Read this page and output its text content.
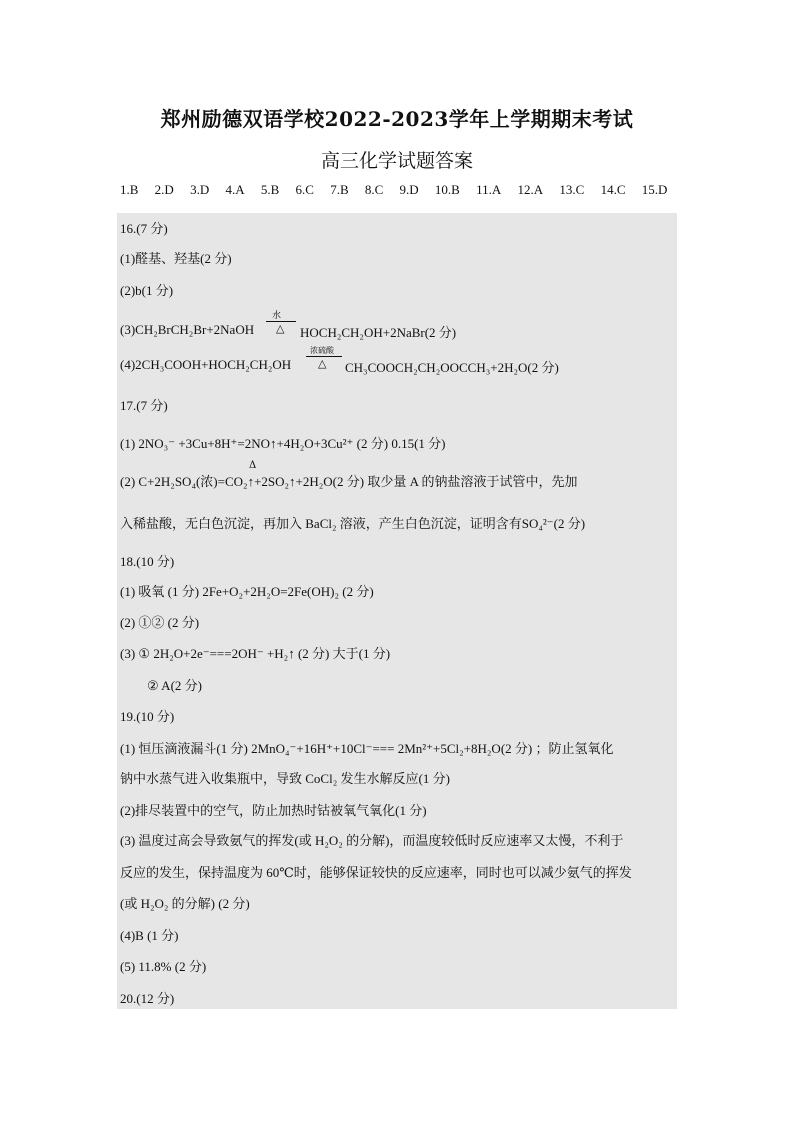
郑州励德双语学校2022-2023学年上学期期末考试
高三化学试题答案
1.B 2.D 3.D 4.A 5.B 6.C 7.B 8.C 9.D 10.B 11.A 12.A 13.C 14.C 15.D
16.(7 分)
(1)醛基、羟基(2 分)
(2)b(1 分)
(3)CH₂BrCH₂Br+2NaOH
水
△ HOCH₂CH₂OH+2NaBr(2 分)
(4)2CH₃COOH+HOCH₂CH₂OH
浓硫酸
△ CH₃COOCH₂CH₂OOCCH₃+2H₂O(2 分)
17.(7 分)
(1) 2NO₃⁻ +3Cu+8H⁺=2NO↑+4H₂O+3Cu²⁺ (2 分) 0.15(1 分)
Δ
(2) C+2H₂SO₄(浓)=CO₂↑+2SO₂↑+2H₂O(2 分) 取少量 A 的钠盐溶液于试管中，先加
入稀盐酸，无白色沉淀，再加入 BaCl₂ 溶液，产生白色沉淀，证明含有SO₄²⁻(2 分)
18.(10 分)
(1) 吸氧 (1 分) 2Fe+O₂+2H₂O=2Fe(OH)₂ (2 分)
(2) ①② (2 分)
(3) ① 2H₂O+2e⁻===2OH⁻ +H₂↑ (2 分) 大于(1 分)
② A(2 分)
19.(10 分)
(1) 恒压滴液漏斗(1 分) 2MnO₄⁻+16H⁺+10Cl⁻=== 2Mn²⁺+5Cl₂+8H₂O(2 分) ；防止氢氧化
钠中水蒸气进入收集瓶中，导致 CoCl₂ 发生水解反应(1 分)
(2)排尽装置中的空气，防止加热时钴被氧气氧化(1 分)
(3) 温度过高会导致氨气的挥发(或 H₂O₂ 的分解)，而温度较低时反应速率又太慢，不利于
反应的发生，保持温度为 60℃时，能够保证较快的反应速率，同时也可以减少氨气的挥发
(或 H₂O₂ 的分解) (2 分)
(4)B (1 分)
(5) 11.8% (2 分)
20.(12 分)
